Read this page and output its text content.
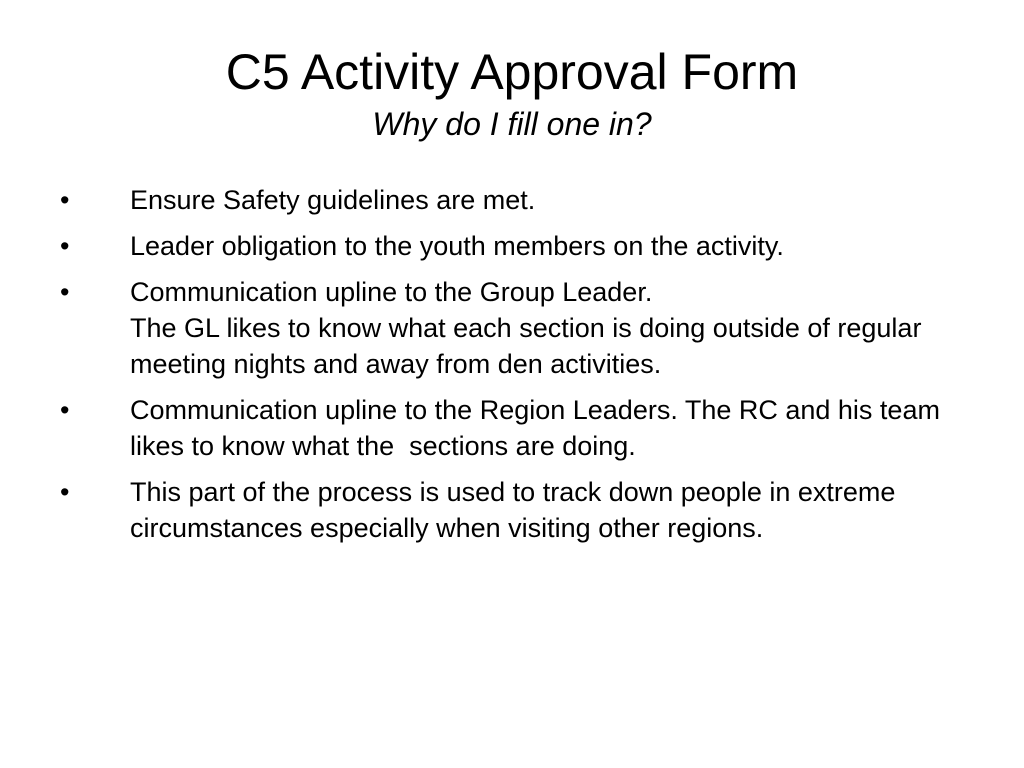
C5 Activity Approval Form
Why do I fill one in?
•	Ensure Safety guidelines are met.
•	Leader obligation to the youth members on the activity.
•	Communication upline to the Group Leader.
The GL likes to know what each section is doing outside of regular meeting nights and away from den activities.
•	Communication upline to the Region Leaders. The RC and his team likes to know what the  sections are doing.
•	This part of the process is used to track down people in extreme circumstances especially when visiting other regions.
